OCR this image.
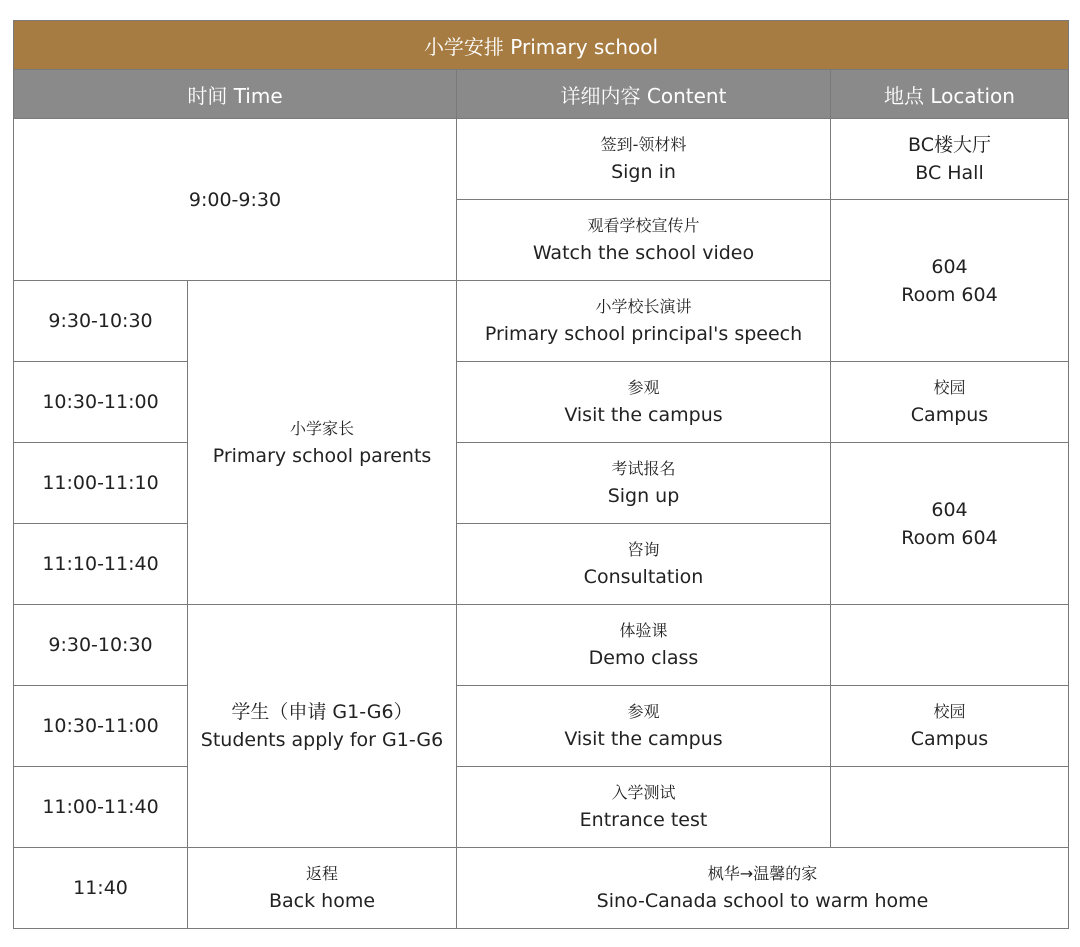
小学安排 Primary school			
时间 Time		详细内容 Content	地点 Location
9:00-9:30		签到-领材料
Sign in	BC楼大厅
BC Hall

		观看学校宣传片
Watch the school video	604
Room 604

9:30-10:30	小学家长
Primary school parents	小学校长演讲
Primary school principal's speech	

10:30-11:00		参观
Visit the campus	校园
Campus

11:00-11:10		考试报名
Sign up	604
Room 604

11:10-11:40		咨询
Consultation	

9:30-10:30	学生（申请 G1-G6）
Students apply for G1-G6	体验课
Demo class	

10:30-11:00		参观
Visit the campus	校园
Campus

11:00-11:40		入学测试
Entrance test	

11:40	返程
Back home	枫华→温馨的家
Sino-Canada school to warm home	
